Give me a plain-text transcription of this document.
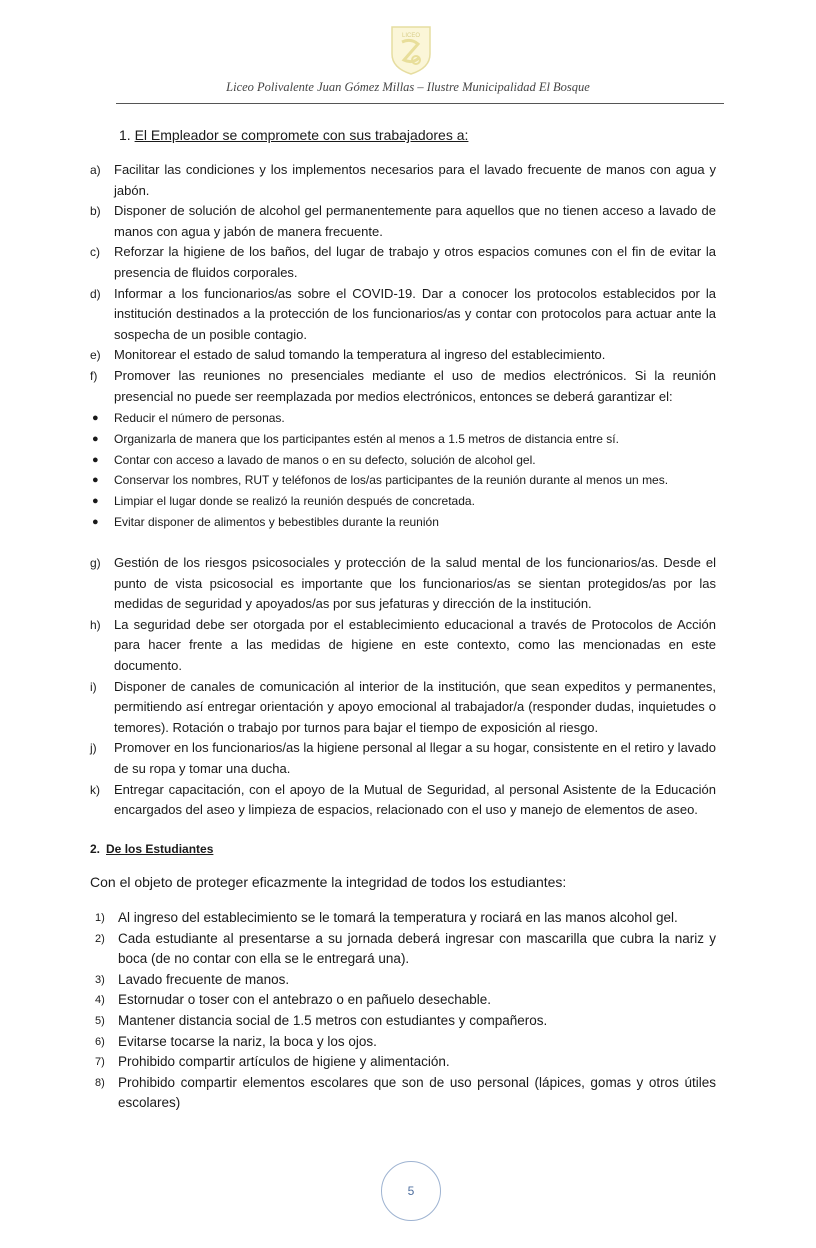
LICEO
Liceo Polivalente Juan Gómez Millas – Ilustre Municipalidad El Bosque
1. El Empleador se compromete con sus trabajadores a:
a) Facilitar las condiciones y los implementos necesarios para el lavado frecuente de manos con agua y jabón.
b) Disponer de solución de alcohol gel permanentemente para aquellos que no tienen acceso a lavado de manos con agua y jabón de manera frecuente.
c) Reforzar la higiene de los baños, del lugar de trabajo y otros espacios comunes con el fin de evitar la presencia de fluidos corporales.
d) Informar a los funcionarios/as sobre el COVID-19. Dar a conocer los protocolos establecidos por la institución destinados a la protección de los funcionarios/as y contar con protocolos para actuar ante la sospecha de un posible contagio.
e) Monitorear el estado de salud tomando la temperatura al ingreso del establecimiento.
f) Promover las reuniones no presenciales mediante el uso de medios electrónicos. Si la reunión presencial no puede ser reemplazada por medios electrónicos, entonces se deberá garantizar el:
● Reducir el número de personas.
● Organizarla de manera que los participantes estén al menos a 1.5 metros de distancia entre sí.
● Contar con acceso a lavado de manos o en su defecto, solución de alcohol gel.
● Conservar los nombres, RUT y teléfonos de los/as participantes de la reunión durante al menos un mes.
● Limpiar el lugar donde se realizó la reunión después de concretada.
● Evitar disponer de alimentos y bebestibles durante la reunión
g) Gestión de los riesgos psicosociales y protección de la salud mental de los funcionarios/as. Desde el punto de vista psicosocial es importante que los funcionarios/as se sientan protegidos/as por las medidas de seguridad y apoyados/as por sus jefaturas y dirección de la institución.
h) La seguridad debe ser otorgada por el establecimiento educacional a través de Protocolos de Acción para hacer frente a las medidas de higiene en este contexto, como las mencionadas en este documento.
i) Disponer de canales de comunicación al interior de la institución, que sean expeditos y permanentes, permitiendo así entregar orientación y apoyo emocional al trabajador/a (responder dudas, inquietudes o temores). Rotación o trabajo por turnos para bajar el tiempo de exposición al riesgo.
j) Promover en los funcionarios/as la higiene personal al llegar a su hogar, consistente en el retiro y lavado de su ropa y tomar una ducha.
k) Entregar capacitación, con el apoyo de la Mutual de Seguridad, al personal Asistente de la Educación encargados del aseo y limpieza de espacios, relacionado con el uso y manejo de elementos de aseo.
2. De los Estudiantes
Con el objeto de proteger eficazmente la integridad de todos los estudiantes:
1) Al ingreso del establecimiento se le tomará la temperatura y rociará en las manos alcohol gel.
2) Cada estudiante al presentarse a su jornada deberá ingresar con mascarilla que cubra la nariz y boca (de no contar con ella se le entregará una).
3) Lavado frecuente de manos.
4) Estornudar o toser con el antebrazo o en pañuelo desechable.
5) Mantener distancia social de 1.5 metros con estudiantes y compañeros.
6) Evitarse tocarse la nariz, la boca y los ojos.
7) Prohibido compartir artículos de higiene y alimentación.
8) Prohibido compartir elementos escolares que son de uso personal (lápices, gomas y otros útiles escolares)
5
